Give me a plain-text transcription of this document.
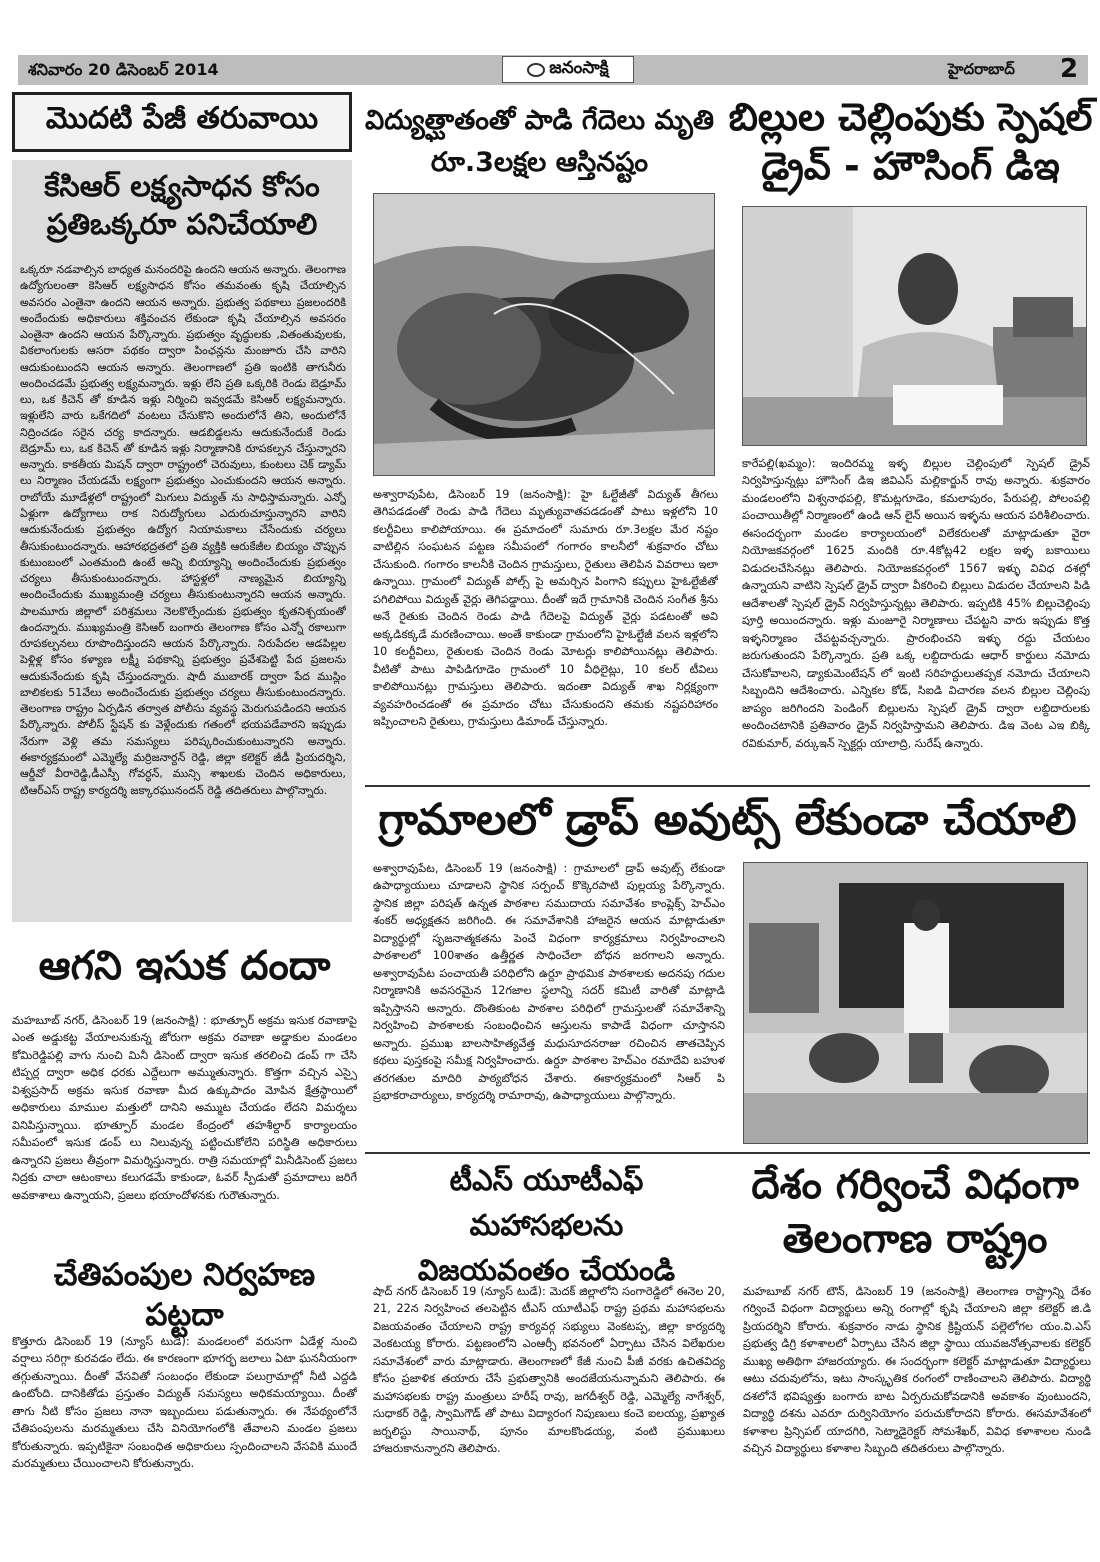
శనివారం 20 డిసెంబర్ 2014	జనంసాక్షి	హైదరాబాద్ 2
మొదటి పేజీ తరువాయి
కేసిఆర్ లక్ష్యసాధన కోసం ప్రతిఒక్కరూ పనిచేయాలి
ఒక్కరూ నడవాల్సిన బాధ్యత మనందరిపై ఉందని ఆయన అన్నారు. తెలంగాణ ఉద్యోగులంతా కెసిఆర్ లక్ష్యసాధన కోసం తమవంతు కృషి చేయాల్సిన అవసరం ఎంతైనా ఉందని ఆయన అన్నారు. ప్రభుత్వ పథకాలు ప్రజలందరికి అందేందుకు అధికారులు శక్తివంచన లేకుండా కృషి చేయాల్సిన అవసరం ఎంతైనా ఉందని ఆయన పేర్కొన్నారు. ప్రభుత్వం వృద్ధులకు ,వితంతువులకు, వికలాంగులకు ఆసరా పథకం ద్వారా పింఛన్లను మంజూరు చేసి వారిని ఆదుకుంటుందని ఆయన అన్నారు. తెలంగాణలో ప్రతి ఇంటికి తాగునీరు అందించడమే ప్రభుత్వ లక్ష్యమన్నారు. ఇళ్లు లేని ప్రతి ఒక్కరికి రెండు బెడ్రూమ్ లు, ఒక కిచెన్ తో కూడిన ఇళ్లు నిర్మించి ఇవ్వడమే కెసిఆర్ లక్ష్యమన్నారు. ఇళ్లులేని వారు ఒకేగదిలో వంటలు చేసుకొని అందులోనే తిని, అందులోనే నిద్రించడం సరైన చర్య కాదన్నారు. ఆడబిడ్డలను ఆదుకునేందుకే రెండు బెడ్రూమ్ లు, ఒక కిచెన్ తో కూడిన ఇళ్లు నిర్మాణానికి రూపకల్పన చేస్తున్నారని అన్నారు. కాకతీయ మిషన్ ద్వారా రాష్ట్రంలో చెరువులు, కుంటలు చెక్ డ్యామ్ లు నిర్మాణం చేయడమే లక్ష్యంగా ప్రభుత్వం ఎంచుకుందని ఆయన అన్నారు. రాబోయే మూడేళ్లలో రాష్ట్రంలో మిగులు విద్యుత్ ను సాధిస్తామన్నారు. ఎన్నో ఏళ్లుగా ఉద్యోగాలు రాక నిరుద్యోగులు ఎదురుచూస్తున్నారని వారిని ఆదుకునేందుకు ప్రభుత్వం ఉద్యోగ నియామకాలు చేసేందుకు చర్యలు తీసుకుంటుందన్నారు. ఆహారభద్రతలో ప్రతి వ్యక్తికి ఆరుకేజీల బియ్యం చొప్పున కుటుంబంలో ఎంతమంది ఉంటే అన్ని బియ్యాన్ని అందించేందుకు ప్రభుత్వం చర్యలు తీసుకుంటుందన్నారు. హాస్టళ్లలో నాణ్యమైన బియ్యాన్ని అందించేందుకు ముఖ్యమంత్రి చర్యలు తీసుకుంటున్నారని ఆయన అన్నారు. పాలమూరు జిల్లాలో పరిశ్రమలు నెలకొల్పేందుకు ప్రభుత్వం కృతనిశ్చయంతో ఉందన్నారు. ముఖ్యమంత్రి కెసిఆర్ బంగారు తెలంగాణ కోసం ఎన్నో రకాలుగా రూపకల్పనలు రూపొందిస్తుందని ఆయన పేర్కొన్నారు. నిరుపేదల ఆడపిల్లల పెళ్లిళ్ల కోసం కళ్యాణ లక్ష్మీ పథకాన్ని ప్రభుత్వం ప్రవేశపెట్టి పేద ప్రజలను ఆదుకునేందుకు కృషి చేస్తుందన్నారు. షాదీ ముబారక్ ద్వారా పేద ముస్లిం బాలికలకు 51వేలు అందించేందుకు ప్రభుత్వం చర్యలు తీసుకుంటుందన్నారు. తెలంగాణ రాష్ట్రం ఏర్పడిన తర్వాత పోలీసు వ్యవస్థ మెరుగుపడిందని ఆయన పేర్కొన్నారు. పోలీస్ స్టేషన్ కు వెళ్లేందుకు గతంలో భయపడేవారని ఇప్పుడు నేరుగా వెళ్లి తమ సమస్యలు పరిష్కరించుకుంటున్నారని అన్నారు. ఈకార్యక్రమంలో ఎమ్మెల్యే మర్రిజనార్దన్ రెడ్డి, జిల్లా కలెక్టర్ జీడీ ప్రియదర్శిని, ఆర్డీవో వీరారెడ్డి,డీఎస్పీ గోవర్ధన్, మున్సి శాఖలకు చెందిన అధికారులు, టిఆర్ఎస్ రాష్ట్ర కార్యదర్శి జక్కారఘునందన్ రెడ్డి తదితరులు పాల్గొన్నారు.
ఆగని ఇసుక దందా
మహబూబ్ నగర్, డిసెంబర్ 19 (జనంసాక్షి) : భూత్పూర్ అక్రమ ఇసుక రవాణాపై ఎంత అడ్డుకట్ట వేయాలనుకున్న జోరుగా అక్రమ రవాణా అడ్డాకుల మండలం కోమిరెడ్డిపల్లి వాగు నుంచి మినీ డిసెంట్ ద్వారా ఇసుక తరలించి డంప్ గా చేసి టిప్పర్ల ద్వారా అధిక ధరకు ఎద్దేలుగా అమ్ముతున్నారు. కొత్తగా వచ్చిన ఎస్సై విశ్వప్రసాద్ అక్రమ ఇసుక రవాణా మీద ఉక్కుపాదం మోపిన క్షేత్రస్థాయిలో అధికారులు మాముల మత్తులో దానిని అమ్ముట చేయడం లేదని విమర్శలు వినిపిస్తున్నాయి. భూత్పూర్ మండల కేంద్రంలో తహశీల్దార్ కార్యాలయం సమీపంలో ఇసుక డంప్ లు నిలువున్న పట్టించుకోలేని పరిస్థితి అధికారులు ఉన్నారని ప్రజలు తీవ్రంగా విమర్శిస్తున్నారు. రాత్రి సమయాల్లో మినీడిసెంట్ ప్రజలు నిద్రకు చాలా ఆటంకాలు కలుగడమే కాకుండా, ఓవర్ స్పీడుతో ప్రమాదాలు జరిగే అవకాశాలు ఉన్నాయని, ప్రజలు భయాందోళనకు గురౌతున్నారు.
చేతిపంపుల నిర్వహణ పట్టదా
కొత్తూరు డిసెంబర్ 19 (న్యూస్ టుడే): మండలంలో వరుసగా ఏడేళ్ల నుంచి వర్షాలు సరిగ్గా కురవడం లేదు. ఈ కారణంగా భూగర్భ జలాలు ఏటా ఘననీయంగా తగ్గుతున్నాయి. దీంతో వేసవితో సంబంధం లేకుండా పలుగ్రామాల్లో నీటి ఎద్దడి ఉంటోంది. దానికితోడు ప్రస్తుతం విద్యుత్ సమస్యలు అధికమయ్యాయి. దీంతో తాగు నీటి కోసం ప్రజలు నానా ఇబ్బందులు పడుతున్నారు. ఈ నేపథ్యంలోనే చేతిపంపులను మరమ్మతులు చేసి వినియోగంలోకి తేవాలని మండల ప్రజలు కోరుతున్నారు. ఇప్పటికైనా సంబంధిత అధికారులు స్పందించాలని వేసవికి ముందే మరమ్మతులు చేయించాలని కోరుతున్నారు.
విద్యుత్ఘాతంతో పాడి గేదెలు మృతి
రూ.3లక్షల ఆస్తినష్టం
అశ్వారావుపేట, డిసెంబర్ 19 (జనంసాక్షి): హై ఓల్టేజీతో విద్యుత్ తీగలు తెగిపడడంతో రెండు పాడి గేదెలు మృత్యువాతపడడంతో పాటు ఇళ్లలోని 10 కలర్టీవిలు కాలిపోయాయి. ఈ ప్రమాదంలో సుమారు రూ.3లక్షల మేర నష్టం వాటిల్లిన సంఘటన పట్టణ సమీపంలో గంగారం కాలనీలో శుక్రవారం చోటు చేసుకుంది. గంగారం కాలనీకి చెందిన గ్రామస్తులు, రైతులు తెలిపిన వివరాలు ఇలా ఉన్నాయి. గ్రామంలో విద్యుత్ పోల్స్ పై అమర్చిన పింగాని కప్పులు హైఓల్టేజీతో పగిలిపోయి విద్యుత్ వైర్లు తెగిపడ్డాయి. దీంతో ఇదే గ్రామానికి చెందిన సంగీత శ్రీను అనే రైతుకు చెందిన రెండు పాడి గేదెలపై విద్యుత్ వైర్లు పడటంతో అవి అక్కడికక్కడే మరణించాయి. అంతే కాకుండా గ్రామంలోని హైఓల్టేజీ వలన ఇళ్లలోని 10 కలర్టీవిలు, రైతులకు చెందిన రెండు మోటర్లు కాలిపోయినట్లు తెలిపారు. వీటితో పాటు పాపిడిగూడెం గ్రామంలో 10 వీధిలైట్లు, 10 కలర్ టీవిలు కాలిపోయినట్లు గ్రామస్తులు తెలిపారు. ఇదంతా విద్యుత్ శాఖ నిర్లక్ష్యంగా వ్యవహరించడంతో ఈ ప్రమాదం చోటు చేసుకుందని తమకు నష్టపరిహారం ఇప్పించాలని రైతులు, గ్రామస్తులు డిమాండ్ చేస్తున్నారు.
బిల్లుల చెల్లింపుకు స్పెషల్
డ్రైవ్ - హౌసింగ్ డిఇ
కారేపల్లి(ఖమ్మం): ఇందిరమ్మ ఇళ్ళ బిల్లుల చెల్లింపులో స్పెషల్ డ్రైవ్ నిర్వహిస్తున్నట్లు హౌసింగ్ డిఇ జివిఎస్ మల్లికార్జున్ రావు అన్నారు. శుక్రవారం మండలంలోని విశ్వనాథపల్లి, కొమట్లగూడెం, కమలాపురం, పేరుపల్లి, పోలంపల్లి పంచాయితీల్లో నిర్మాణంలో ఉండి ఆన్ లైన్ అయిన ఇళ్ళను ఆయన పరిశీలించారు. ఈసందర్బంగా మండల కార్యాలయంలో విలేకరులతో మాట్లాడుతూ వైరా నియోజకవర్గంలో 1625 మందికి రూ.4కోట్ల42 లక్షల ఇళ్ళ బకాయిలు విడుదలచేసినట్లు తెలిపారు. నియోజకవర్గంలో 1567 ఇళ్ళు వివిధ దశల్లో ఉన్నాయని వాటిని స్పెషల్ డ్రైవ్ ద్వారా వీకరించి బిల్లులు విడుదల చేయాలని పిడి ఆదేశాలతో స్పెషల్ డ్రైవ్ నిర్వహిస్తున్నట్లు తెలిపారు. ఇప్పటికి 45% బిల్లుచెల్లింపు పూర్తి అయిందన్నారు. ఇళ్లు మంజూరై నిర్మాణాలు చేపట్టని వారు ఇప్పుడు కొత్త ఇళ్ళనిర్మాణం చేపట్టవచ్చన్నారు. ప్రారంభించని ఇళ్ళు రద్దు చేయటం జరుగుతుందని పేర్కొన్నారు. ప్రతి ఒక్క లబ్దిదారుడు ఆధార్ కార్డులు నమోదు చేసుకోవాలని, డ్యాకుమెంటేషన్ లో ఇంటి సరిహద్దులుతప్పక నమోదు చేయాలని సిబ్బందిని ఆదేశించారు. ఎన్నికల కోడ్, సిఐడి విచారణ వలన బిల్లుల చెల్లింపు జాప్యం జరిగిందని పెండింగ్ బిల్లులను స్పెషల్ డ్రైవ్ ద్వారా లబ్దిదారులకు అందించటానికి ప్రతివారం డ్రైవ్ నిర్వహిస్తామని తెలిపారు. డిఇ వెంట ఎఇ బిక్కి రవికుమార్, వర్కుఇన్ స్పెక్టర్లు యాలాద్రి, సురేష్ ఉన్నారు.
గ్రామాలలో డ్రాప్ అవుట్స్ లేకుండా చేయాలి
అశ్వారావుపేట, డిసెంబర్ 19 (జనంసాక్షి) : గ్రామాలలో డ్రాప్ అవుట్స్ లేకుండా ఉపాధ్యాయులు చూడాలని స్థానిక సర్పంచ్ కొక్కెరపాటి పుల్లయ్య పేర్కొన్నారు. స్థానిక జిల్లా పరిషత్ ఉన్నత పాఠశాల సముదాయ సమావేశం కాంప్లెక్స్ హెచ్ఎం శంకర్ అధ్యక్షతన జరిగింది. ఈ సమావేశానికి హాజరైన ఆయన మాట్లాడుతూ విద్యార్థుల్లో సృజనాత్మకతను పెంచే విధంగా కార్యక్రమాలు నిర్వహించాలని పాఠశాలలో 100శాతం ఉత్తీర్ణత సాధించేలా బోధన జరగాలని అన్నారు. అశ్వారావుపేట పంచాయతీ పరిధిలోని ఉర్దూ ప్రాథమిక పాఠశాలకు అదనపు గదుల నిర్మాణానికి అవసరమైన 12గజాల స్థలాన్ని సదర్ కమిటీ వారితో మాట్లాడి ఇప్పిస్తానని అన్నారు. దొంతికుంట పాఠశాల పరిధిలో గ్రామస్తులతో సమావేశాన్ని నిర్వహించి పాఠశాలకు సంబంధించిన ఆస్తులను కాపాడే విధంగా చూస్తానని అన్నారు. ప్రముఖ బాలసాహిత్యవేత్త మధుసూదనరాజు రచించిన తాతచెప్పిన కథలు పుస్తకంపై సమీక్ష నిర్వహించారు. ఉర్దూ పాఠశాల హెచ్ఎం రమాదేవి బహుళ తరగతుల మాదిరి పాఠ్యబోధన చేశారు. ఈకార్యక్రమంలో సిఆర్ పి ప్రభాకరాచార్యులు, కార్యదర్శి రామారావు, ఉపాధ్యాయులు పాల్గొన్నారు.
టీఎస్ యూటీఎఫ్ మహాసభలను
విజయవంతం చేయండి
షాద్ నగర్ డిసెంబర్ 19 (న్యూస్ టుడే): మెదక్ జిల్లాలోని సంగారెడ్డిలో ఈనెల 20, 21, 22న నిర్వహించ తలపెట్టిన టీఎస్ యూటీఎఫ్ రాష్ట్ర ప్రథమ మహాసభలను విజయవంతం చేయాలని రాష్ట్ర కార్యవర్గ సభ్యులు వెంకటప్ప, జిల్లా కార్యదర్శి వెంకటయ్య కోరారు. పట్టణంలోని ఎంఆర్సీ భవనంలో ఏర్పాటు చేసిన విలేఖరుల సమావేశంలో వారు మాట్లాడారు. తెలంగాణలో కేజీ నుంచి పీజీ వరకు ఉచితవిద్య కోసం ప్రజాళిక తయారు చేసే ప్రభుత్వానికి అందజేయనున్నామని తెలిపారు. ఈ మహాసభలకు రాష్ట్ర మంత్రులు హరీష్ రావు, జగదీశ్వర్ రెడ్డి, ఎమ్మెల్యే నాగేశ్వర్, సుధాకర్ రెడ్డి, స్వామిగౌడ్ తో పాటు విద్యారంగ నిపుణులు కంచె ఐలయ్య, ప్రఖ్యాత జర్నలిస్టు సాయినాథ్, పూనం మాలకొండయ్య, వంటి ప్రముఖులు హాజరుకానున్నారని తెలిపారు.
దేశం గర్వించే విధంగా
తెలంగాణ రాష్ట్రం
మహబూబ్ నగర్ టౌన్, డిసెంబర్ 19 (జనంసాక్షి) తెలంగాణ రాష్ట్రాన్ని దేశం గర్వించే విధంగా విద్యార్థులు అన్ని రంగాల్లో కృషి చేయాలని జిల్లా కలెక్టర్ జి.డి ప్రియదర్శిని కోరారు. శుక్రవారం నాడు స్థానిక క్రిష్టియన్ పల్లెలోగల యం.వి.ఎస్ ప్రభుత్వ డిగ్రి కళాశాలలో ఏర్పాటు చేసిన జిల్లా స్థాయి యువజనోత్సవాలకు కలెక్టర్ ముఖ్య అతిథిగా హాజరయ్యారు. ఈ సందర్భంగా కలెక్టర్ మాట్లాడుతూ విద్యార్థులు ఆటు చదువులోను, ఇటు సాంస్కృతిక రంగంలో రాణించాలని తెలిపారు. విద్యార్థి దశలోనే భవిష్యత్తు బంగారు బాట ఏర్పరుచుకోవడానికి అవకాశం వుంటుందని, విద్యార్థి దశను ఎవరూ దుర్వినియోగం పరుచుకోరాదని కోరారు. ఈసమావేశంలో కళాశాల ప్రిన్సిపల్ యాదగిరి, సెట్మాడైరెక్టర్ సోమశేఖర్, వివిధ కళాశాలల నుండి వచ్చిన విద్యార్థులు కళాశాల సిబ్బంది తదితరులు పాల్గొన్నారు.
